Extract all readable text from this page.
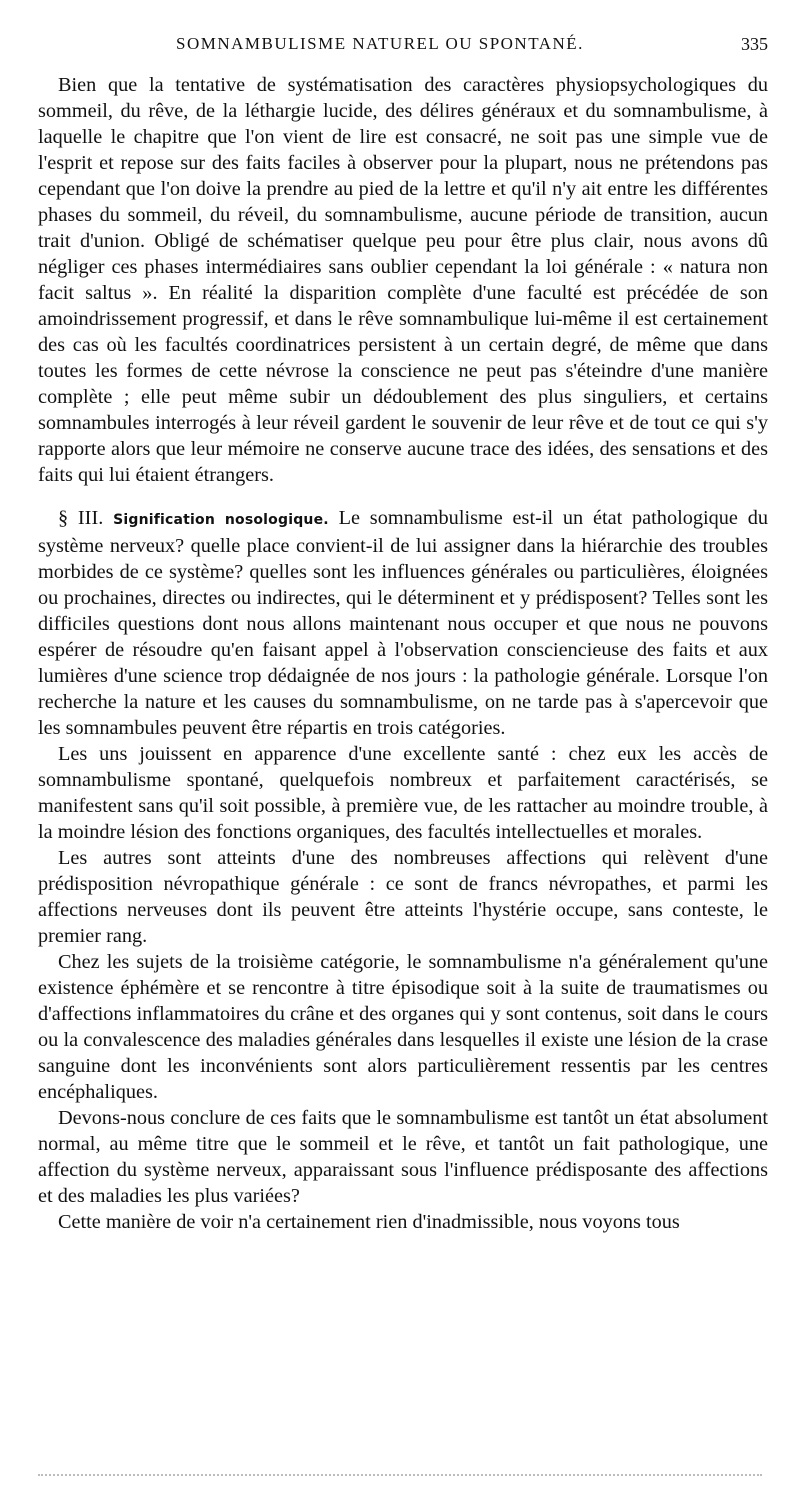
SOMNAMBULISME NATUREL OU SPONTANÉ.	335

Bien que la tentative de systématisation des caractères physiopsychologiques du sommeil, du rêve, de la léthargie lucide, des délires généraux et du somnambulisme, à laquelle le chapitre que l'on vient de lire est consacré, ne soit pas une simple vue de l'esprit et repose sur des faits faciles à observer pour la plupart, nous ne prétendons pas cependant que l'on doive la prendre au pied de la lettre et qu'il n'y ait entre les différentes phases du sommeil, du réveil, du somnambulisme, aucune période de transition, aucun trait d'union. Obligé de schématiser quelque peu pour être plus clair, nous avons dû négliger ces phases intermédiaires sans oublier cependant la loi générale : « natura non facit saltus ». En réalité la disparition complète d'une faculté est précédée de son amoindrissement progressif, et dans le rêve somnambulique lui-même il est certainement des cas où les facultés coordinatrices persistent à un certain degré, de même que dans toutes les formes de cette névrose la conscience ne peut pas s'éteindre d'une manière complète ; elle peut même subir un dédoublement des plus singuliers, et certains somnambules interrogés à leur réveil gardent le souvenir de leur rêve et de tout ce qui s'y rapporte alors que leur mémoire ne conserve aucune trace des idées, des sensations et des faits qui lui étaient étrangers.

§ III. Signification nosologique. Le somnambulisme est-il un état pathologique du système nerveux? quelle place convient-il de lui assigner dans la hiérarchie des troubles morbides de ce système? quelles sont les influences générales ou particulières, éloignées ou prochaines, directes ou indirectes, qui le déterminent et y prédisposent? Telles sont les difficiles questions dont nous allons maintenant nous occuper et que nous ne pouvons espérer de résoudre qu'en faisant appel à l'observation consciencieuse des faits et aux lumières d'une science trop dédaignée de nos jours : la pathologie générale. Lorsque l'on recherche la nature et les causes du somnambulisme, on ne tarde pas à s'apercevoir que les somnambules peuvent être répartis en trois catégories.

Les uns jouissent en apparence d'une excellente santé : chez eux les accès de somnambulisme spontané, quelquefois nombreux et parfaitement caractérisés, se manifestent sans qu'il soit possible, à première vue, de les rattacher au moindre trouble, à la moindre lésion des fonctions organiques, des facultés intellectuelles et morales.

Les autres sont atteints d'une des nombreuses affections qui relèvent d'une prédisposition névropathique générale : ce sont de francs névropathes, et parmi les affections nerveuses dont ils peuvent être atteints l'hystérie occupe, sans conteste, le premier rang.

Chez les sujets de la troisième catégorie, le somnambulisme n'a généralement qu'une existence éphémère et se rencontre à titre épisodique soit à la suite de traumatismes ou d'affections inflammatoires du crâne et des organes qui y sont contenus, soit dans le cours ou la convalescence des maladies générales dans lesquelles il existe une lésion de la crase sanguine dont les inconvénients sont alors particulièrement ressentis par les centres encéphaliques.

Devons-nous conclure de ces faits que le somnambulisme est tantôt un état absolument normal, au même titre que le sommeil et le rêve, et tantôt un fait pathologique, une affection du système nerveux, apparaissant sous l'influence prédisposante des affections et des maladies les plus variées?

Cette manière de voir n'a certainement rien d'inadmissible, nous voyons tous
